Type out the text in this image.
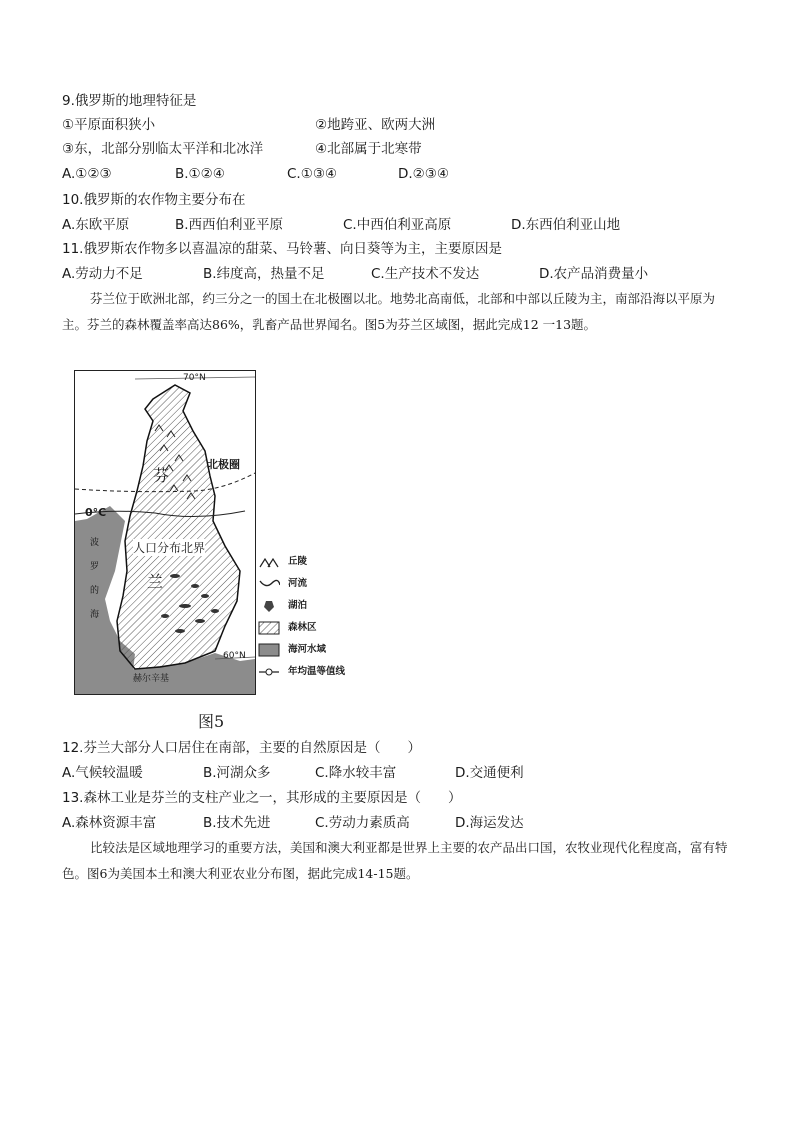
9.俄罗斯的地理特征是
①平原面积狭小	②地跨亚、欧两大洲
③东，北部分别临太平洋和北冰洋	④北部属于北寒带
A.①②③	B.①②④	C.①③④	D.②③④
10.俄罗斯的农作物主要分布在
A.东欧平原	B.西西伯利亚平原	C.中西伯利亚高原	D.东西伯利亚山地
11.俄罗斯农作物多以喜温凉的甜菜、马铃薯、向日葵等为主，主要原因是
A.劳动力不足	B.纬度高，热量不足	C.生产技术不发达	D.农产品消费量小
芬兰位于欧洲北部，约三分之一的国土在北极圈以北。地势北高南低，北部和中部以丘陵为主，南部沿海以平原为主。芬兰的森林覆盖率高达86%，乳畜产品世界闻名。图5为芬兰区域图，据此完成12 一13题。
70°N
60°N
北极圈
0°C
芬
兰
人口分布北界
波
罗
的
海
赫尔辛基
丘陵
河流
湖泊
森林区
海河水域
年均温等值线
图5
12.芬兰大部分人口居住在南部，主要的自然原因是（　　）
A.气候较温暖	B.河湖众多	C.降水较丰富	D.交通便利
13.森林工业是芬兰的支柱产业之一，其形成的主要原因是（　　）
A.森林资源丰富	B.技术先进	C.劳动力素质高	D.海运发达
比较法是区域地理学习的重要方法，美国和澳大利亚都是世界上主要的农产品出口国，农牧业现代化程度高，富有特色。图6为美国本土和澳大利亚农业分布图，据此完成14-15题。
